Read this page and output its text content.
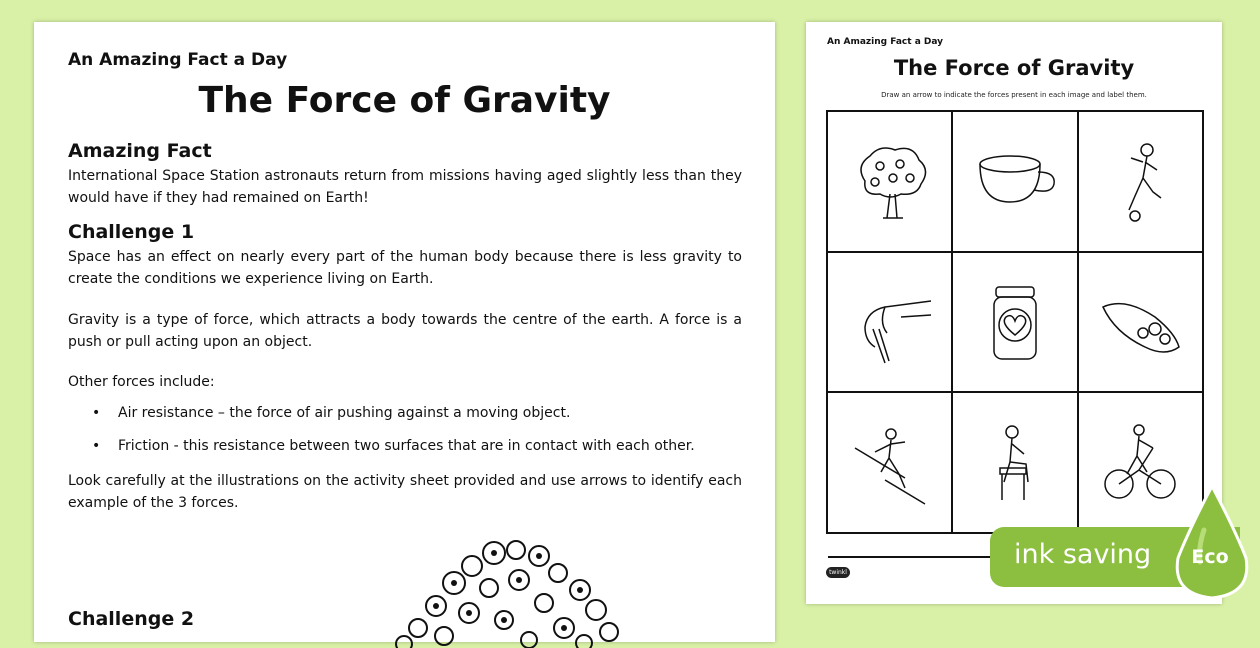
An Amazing Fact a Day
The Force of Gravity
Amazing Fact
International Space Station astronauts return from missions having aged slightly less than they would have if they had remained on Earth!
Challenge 1
Space has an effect on nearly every part of the human body because there is less gravity to create the conditions we experience living on Earth.
Gravity is a type of force, which attracts a body towards the centre of the earth. A force is a push or pull acting upon an object.
Other forces include:
• Air resistance – the force of air pushing against a moving object.
• Friction - this resistance between two surfaces that are in contact with each other.
Look carefully at the illustrations on the activity sheet provided and use arrows to identify each example of the 3 forces.
Challenge 2
An Amazing Fact a Day
The Force of Gravity
Draw an arrow to indicate the forces present in each image and label them.
twinkl
ink saving	Eco
